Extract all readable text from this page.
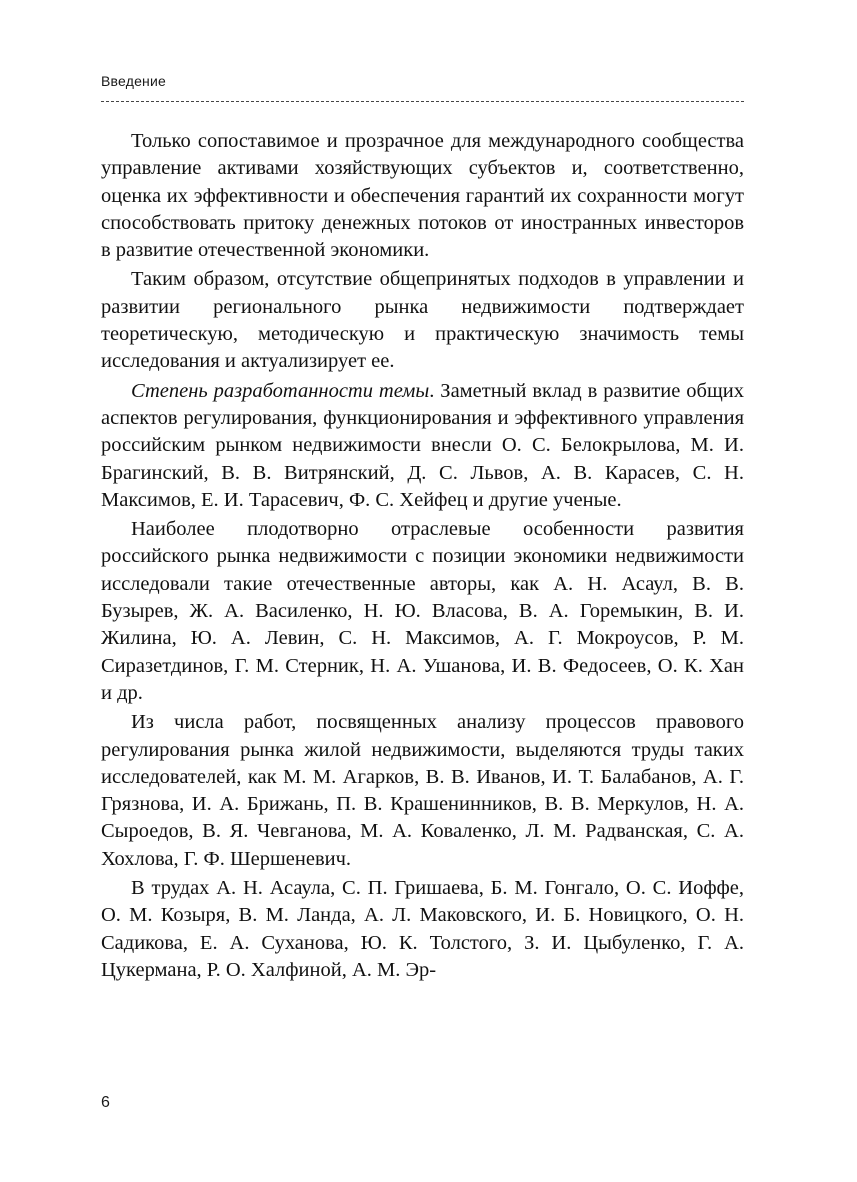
Введение

Только сопоставимое и прозрачное для международного сообщества управление активами хозяйствующих субъектов и, соответственно, оценка их эффективности и обеспечения гарантий их сохранности могут способствовать притоку денежных потоков от иностранных инвесторов в развитие отечественной экономики.

Таким образом, отсутствие общепринятых подходов в управлении и развитии регионального рынка недвижимости подтверждает теоретическую, методическую и практическую значимость темы исследования и актуализирует ее.

Степень разработанности темы. Заметный вклад в развитие общих аспектов регулирования, функционирования и эффективного управления российским рынком недвижимости внесли О. С. Белокрылова, М. И. Брагинский, В. В. Витрянский, Д. С. Львов, А. В. Карасев, С. Н. Максимов, Е. И. Тарасевич, Ф. С. Хейфец и другие ученые.

Наиболее плодотворно отраслевые особенности развития российского рынка недвижимости с позиции экономики недвижимости исследовали такие отечественные авторы, как А. Н. Асаул, В. В. Бузырев, Ж. А. Василенко, Н. Ю. Власова, В. А. Горемыкин, В. И. Жилина, Ю. А. Левин, С. Н. Максимов, А. Г. Мокроусов, Р. М. Сиразетдинов, Г. М. Стерник, Н. А. Ушанова, И. В. Федосеев, О. К. Хан и др.

Из числа работ, посвященных анализу процессов правового регулирования рынка жилой недвижимости, выделяются труды таких исследователей, как М. М. Агарков, В. В. Иванов, И. Т. Балабанов, А. Г. Грязнова, И. А. Брижань, П. В. Крашенинников, В. В. Меркулов, Н. А. Сыроедов, В. Я. Чевганова, М. А. Коваленко, Л. М. Радванская, С. А. Хохлова, Г. Ф. Шершеневич.

В трудах А. Н. Асаула, С. П. Гришаева, Б. М. Гонгало, О. С. Иоффе, О. М. Козыря, В. М. Ланда, А. Л. Маковского, И. Б. Новицкого, О. Н. Садикова, Е. А. Суханова, Ю. К. Толстого, З. И. Цыбуленко, Г. А. Цукермана, Р. О. Халфиной, А. М. Эр-

6
